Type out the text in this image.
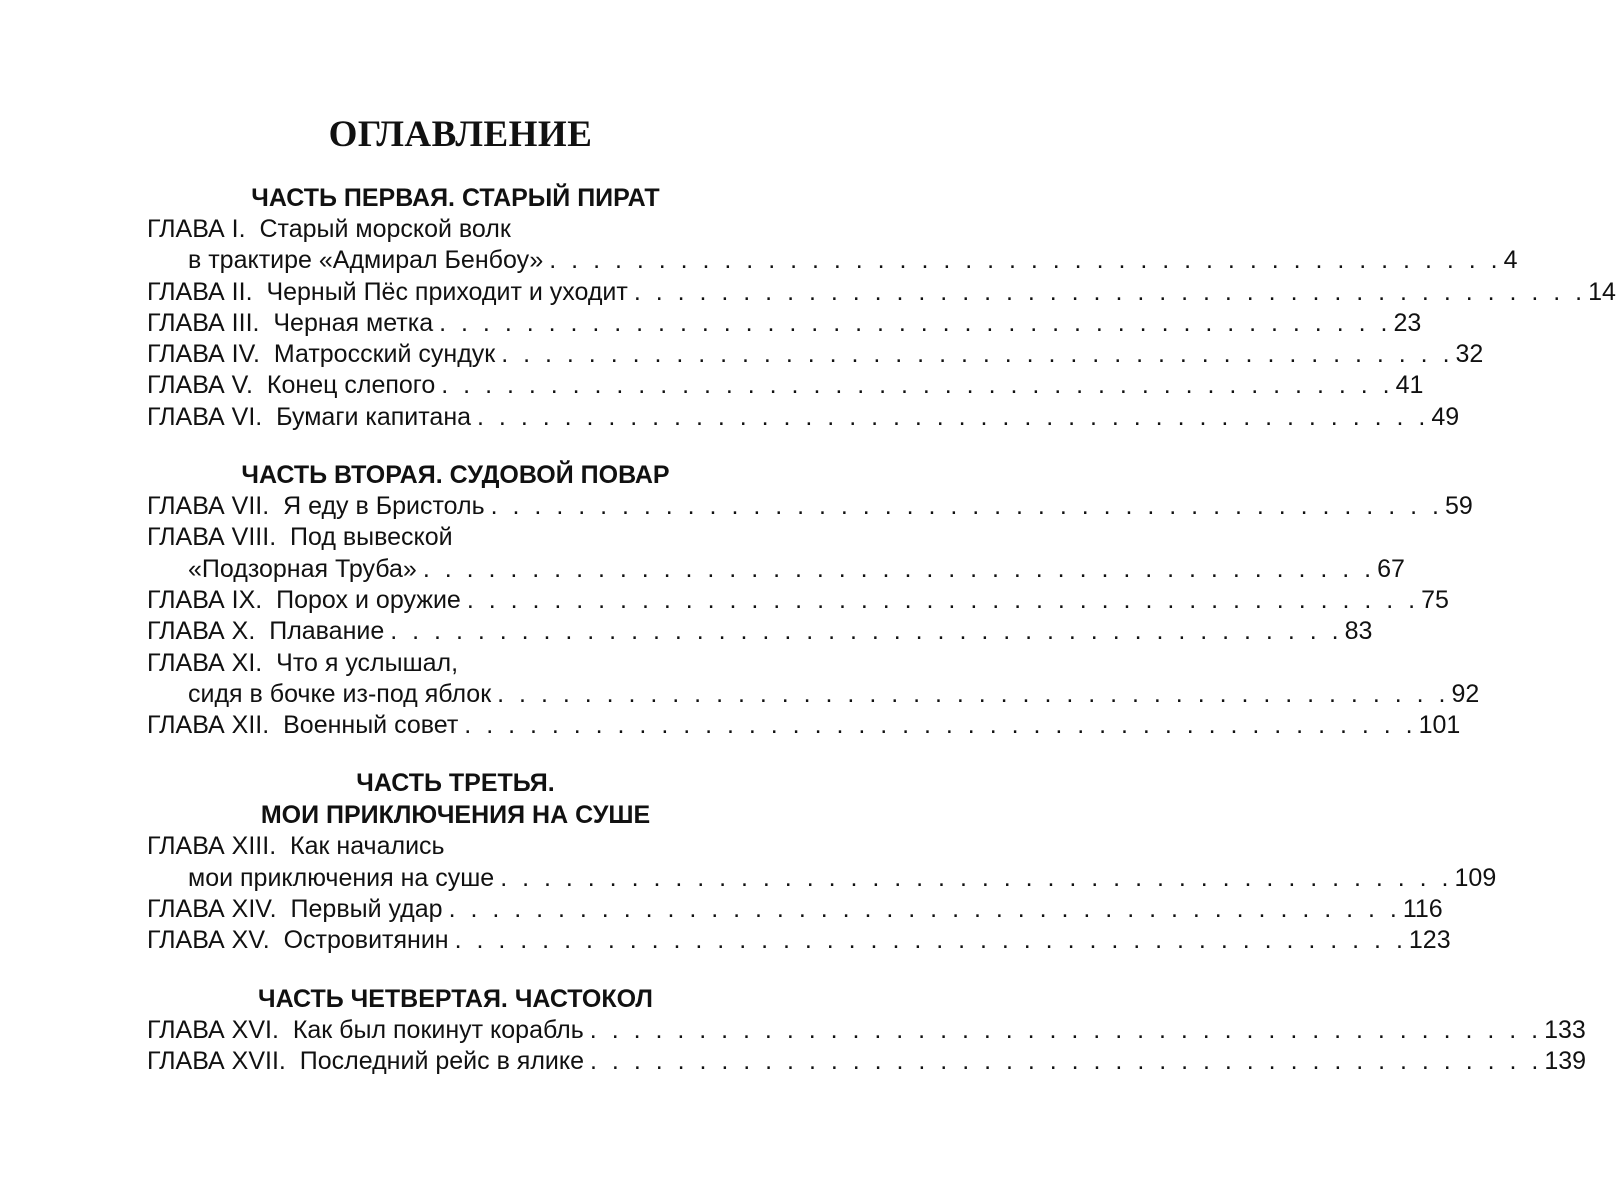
ОГЛАВЛЕНИЕ
ЧАСТЬ ПЕРВАЯ. СТАРЫЙ ПИРАТ
ГЛАВА I.
Старый морской волк
в трактире «Адмирал Бенбоу» . . . . . . . . . . . . . . . . . . . . . . . . . . . . . . . . . . . . . . . . . . . . 4
ГЛАВА II.
Черный Пёс приходит и уходит . . . . . . . . . . . . . . . . . . . . . . . . . . . . . . . . . . . . . . . . . . . . 14
ГЛАВА III.
Черная метка . . . . . . . . . . . . . . . . . . . . . . . . . . . . . . . . . . . . . . . . . . . . 23
ГЛАВА IV.
Матросский сундук . . . . . . . . . . . . . . . . . . . . . . . . . . . . . . . . . . . . . . . . . . . . 32
ГЛАВА V.
Конец слепого . . . . . . . . . . . . . . . . . . . . . . . . . . . . . . . . . . . . . . . . . . . . 41
ГЛАВА VI.
Бумаги капитана . . . . . . . . . . . . . . . . . . . . . . . . . . . . . . . . . . . . . . . . . . . . 49
ЧАСТЬ ВТОРАЯ. СУДОВОЙ ПОВАР
ГЛАВА VII.
Я еду в Бристоль . . . . . . . . . . . . . . . . . . . . . . . . . . . . . . . . . . . . . . . . . . . . 59
ГЛАВА VIII.
Под вывеской
«Подзорная Труба» . . . . . . . . . . . . . . . . . . . . . . . . . . . . . . . . . . . . . . . . . . . . 67
ГЛАВА IX.
Порох и оружие . . . . . . . . . . . . . . . . . . . . . . . . . . . . . . . . . . . . . . . . . . . . 75
ГЛАВА X.
Плавание . . . . . . . . . . . . . . . . . . . . . . . . . . . . . . . . . . . . . . . . . . . . 83
ГЛАВА XI.
Что я услышал,
сидя в бочке из-под яблок . . . . . . . . . . . . . . . . . . . . . . . . . . . . . . . . . . . . . . . . . . . . 92
ГЛАВА XII.
Военный совет . . . . . . . . . . . . . . . . . . . . . . . . . . . . . . . . . . . . . . . . . . . . 101
ЧАСТЬ ТРЕТЬЯ.
МОИ ПРИКЛЮЧЕНИЯ НА СУШЕ
ГЛАВА XIII.
Как начались
мои приключения на суше . . . . . . . . . . . . . . . . . . . . . . . . . . . . . . . . . . . . . . . . . . . . 109
ГЛАВА XIV.
Первый удар . . . . . . . . . . . . . . . . . . . . . . . . . . . . . . . . . . . . . . . . . . . . 116
ГЛАВА XV.
Островитянин . . . . . . . . . . . . . . . . . . . . . . . . . . . . . . . . . . . . . . . . . . . . 123
ЧАСТЬ ЧЕТВЕРТАЯ. ЧАСТОКОЛ
ГЛАВА XVI.
Как был покинут корабль . . . . . . . . . . . . . . . . . . . . . . . . . . . . . . . . . . . . . . . . . . . . 133
ГЛАВА XVII.
Последний рейс в ялике . . . . . . . . . . . . . . . . . . . . . . . . . . . . . . . . . . . . . . . . . . . . 139
